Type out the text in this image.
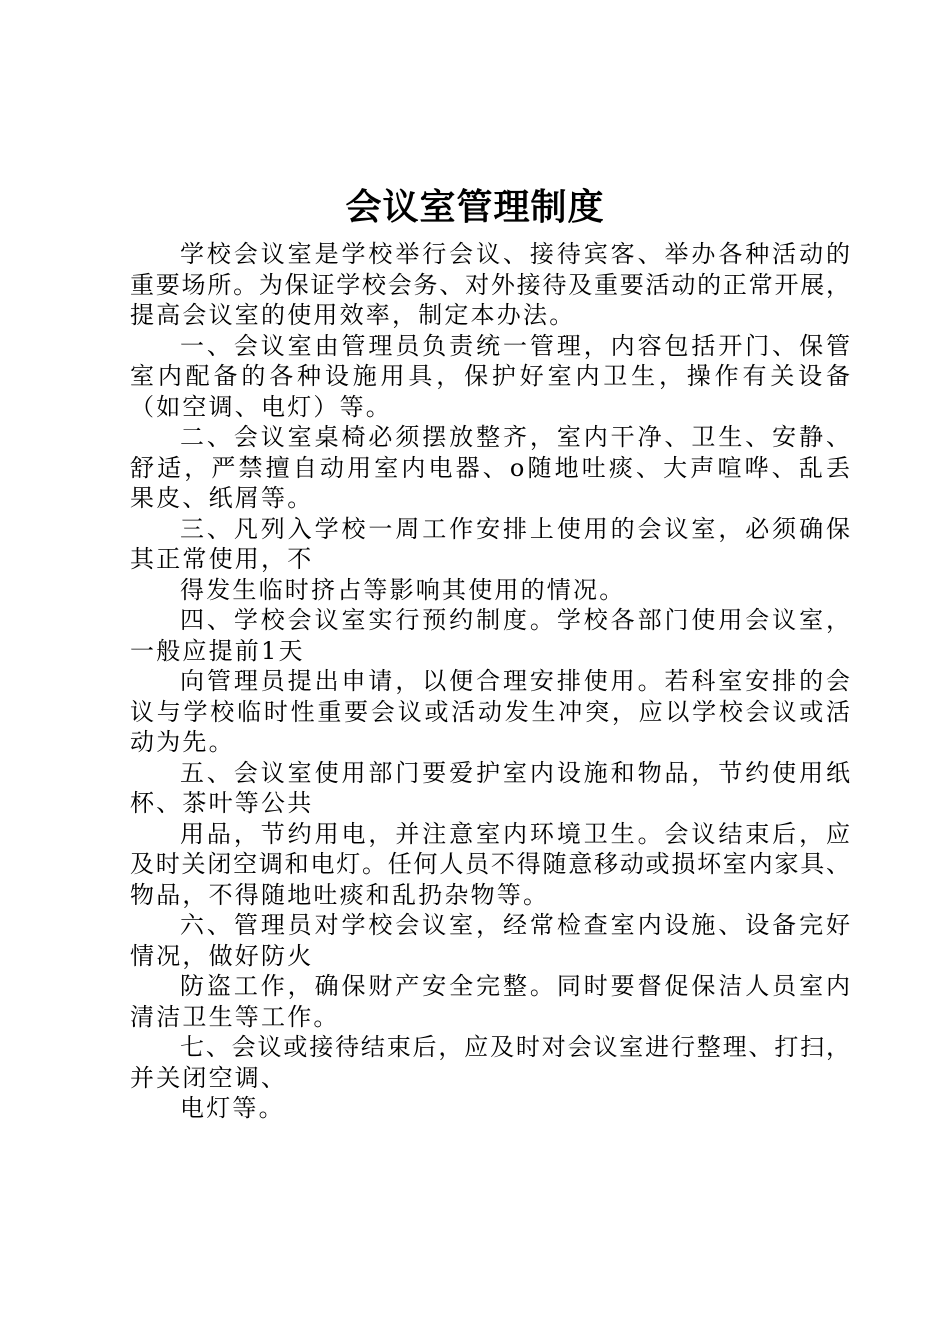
会议室管理制度
学校会议室是学校举行会议、接待宾客、举办各种活动的
重要场所。为保证学校会务、对外接待及重要活动的正常开展，
提高会议室的使用效率，制定本办法。
一、会议室由管理员负责统一管理，内容包括开门、保管
室内配备的各种设施用具，保护好室内卫生，操作有关设备
（如空调、电灯）等。
二、会议室桌椅必须摆放整齐，室内干净、卫生、安静、
舒适，严禁擅自动用室内电器、o随地吐痰、大声喧哗、乱丢
果皮、纸屑等。
三、凡列入学校一周工作安排上使用的会议室，必须确保
其正常使用，不
得发生临时挤占等影响其使用的情况。
四、学校会议室实行预约制度。学校各部门使用会议室，
一般应提前1天
向管理员提出申请，以便合理安排使用。若科室安排的会
议与学校临时性重要会议或活动发生冲突，应以学校会议或活
动为先。
五、会议室使用部门要爱护室内设施和物品，节约使用纸
杯、茶叶等公共
用品，节约用电，并注意室内环境卫生。会议结束后，应
及时关闭空调和电灯。任何人员不得随意移动或损坏室内家具、
物品，不得随地吐痰和乱扔杂物等。
六、管理员对学校会议室，经常检查室内设施、设备完好
情况，做好防火
防盗工作，确保财产安全完整。同时要督促保洁人员室内
清洁卫生等工作。
七、会议或接待结束后，应及时对会议室进行整理、打扫，
并关闭空调、
电灯等。
